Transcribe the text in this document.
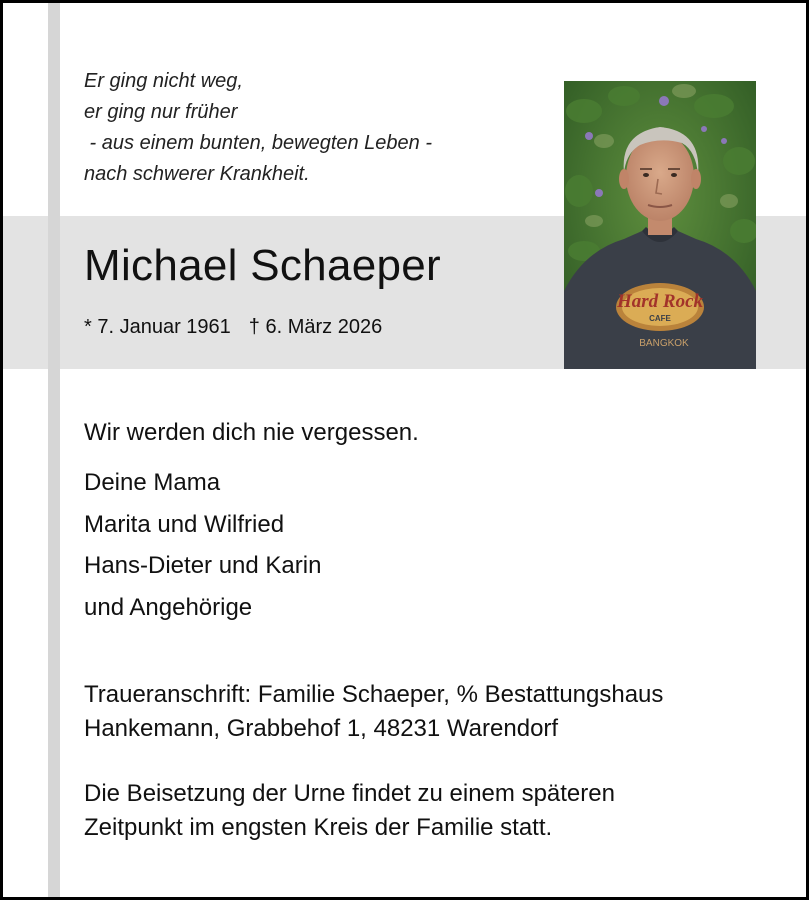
Er ging nicht weg,
er ging nur früher
- aus einem bunten, bewegten Leben -
nach schwerer Krankheit.
Michael Schaeper
* 7. Januar 1961 † 6. März 2026
Hard Rock
CAFE
BANGKOK
Wir werden dich nie vergessen.
Deine Mama
Marita und Wilfried
Hans-Dieter und Karin
und Angehörige
Traueranschrift: Familie Schaeper, % Bestattungshaus
Hankemann, Grabbehof 1, 48231 Warendorf
Die Beisetzung der Urne findet zu einem späteren
Zeitpunkt im engsten Kreis der Familie statt.
